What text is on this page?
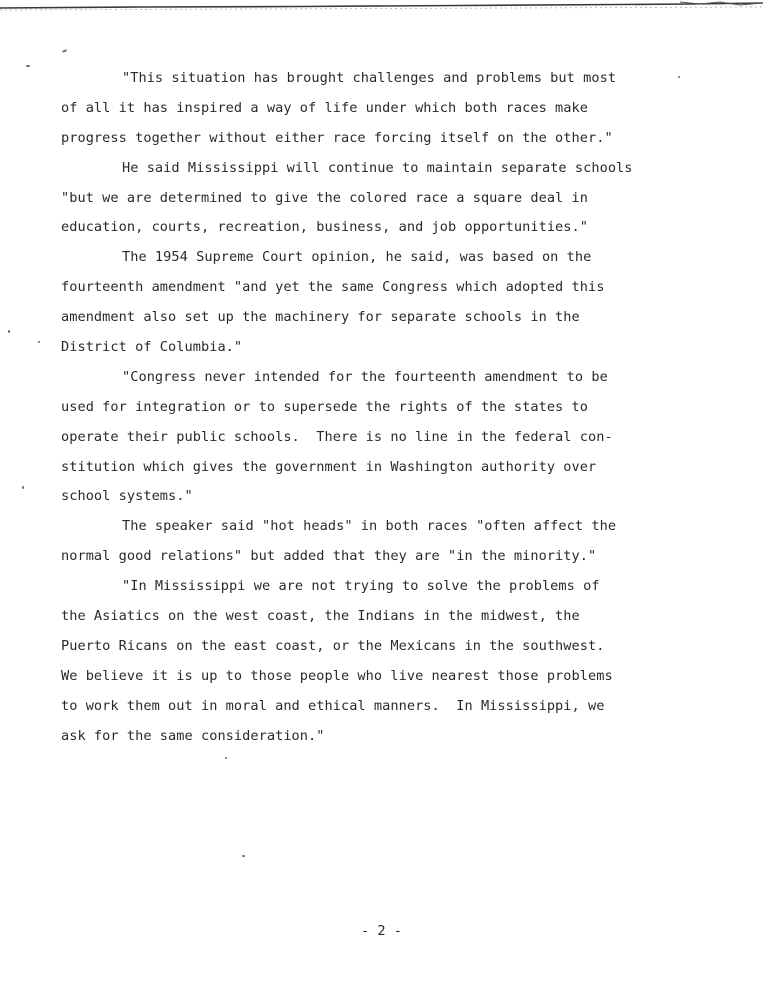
"This situation has brought challenges and problems but most
of all it has inspired a way of life under which both races make
progress together without either race forcing itself on the other."
He said Mississippi will continue to maintain separate schools
"but we are determined to give the colored race a square deal in
education, courts, recreation, business, and job opportunities."
The 1954 Supreme Court opinion, he said, was based on the
fourteenth amendment "and yet the same Congress which adopted this
amendment also set up the machinery for separate schools in the
District of Columbia."
"Congress never intended for the fourteenth amendment to be
used for integration or to supersede the rights of the states to
operate their public schools.  There is no line in the federal con-
stitution which gives the government in Washington authority over
school systems."
The speaker said "hot heads" in both races "often affect the
normal good relations" but added that they are "in the minority."
"In Mississippi we are not trying to solve the problems of
the Asiatics on the west coast, the Indians in the midwest, the
Puerto Ricans on the east coast, or the Mexicans in the southwest.
We believe it is up to those people who live nearest those problems
to work them out in moral and ethical manners.  In Mississippi, we
ask for the same consideration."
- 2 -
